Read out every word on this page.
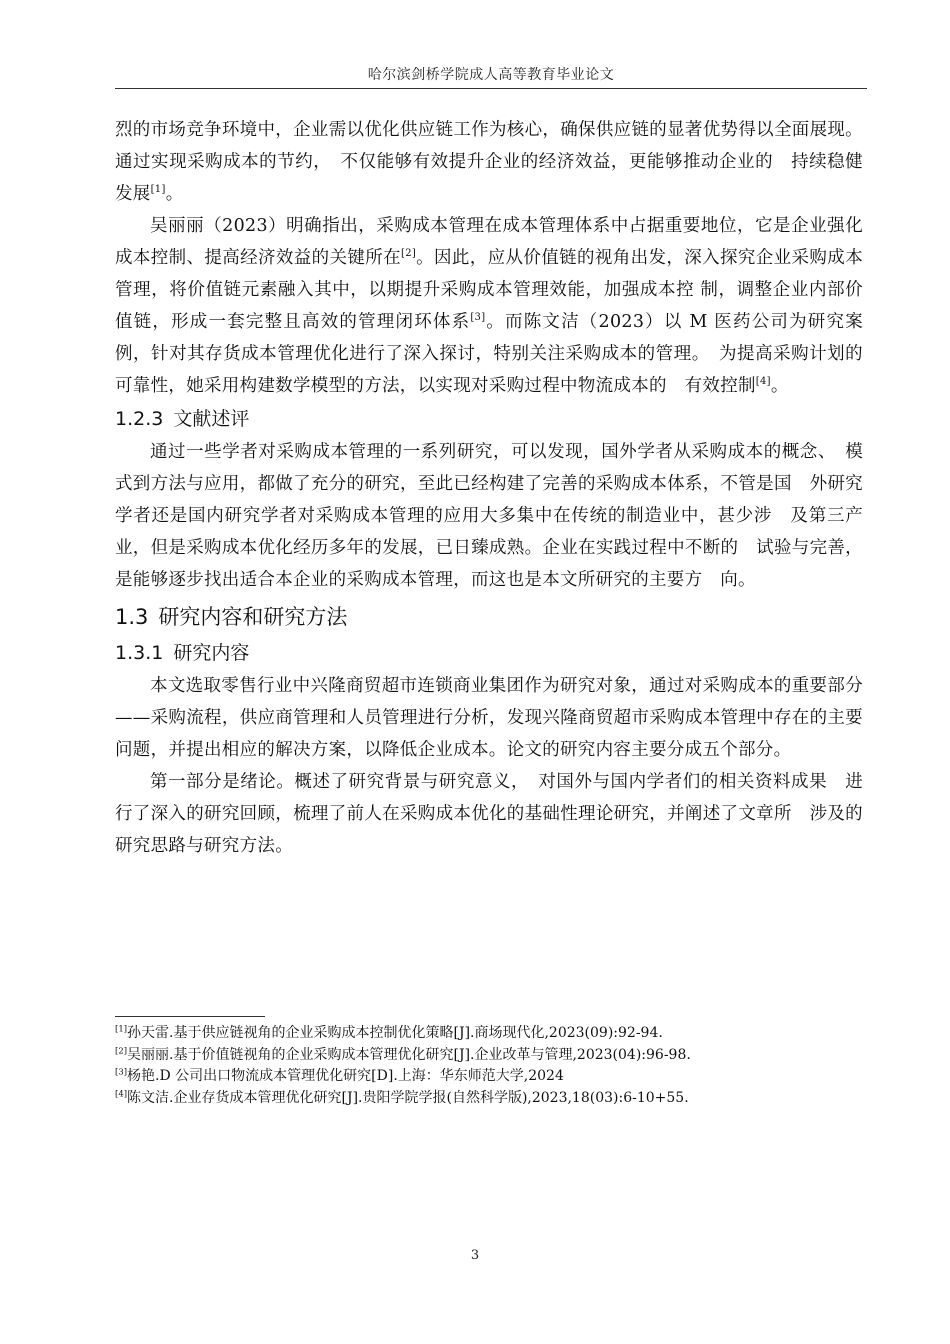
哈尔滨剑桥学院成人高等教育毕业论文

烈的市场竞争环境中，企业需以优化供应链工作为核心，确保供应链的显著优势得以全面展现。通过实现采购成本的节约，　不仅能够有效提升企业的经济效益，更能够推动企业的　持续稳健发展[1]。

吴丽丽（2023）明确指出，采购成本管理在成本管理体系中占据重要地位，它是企业强化成本控制、提高经济效益的关键所在[2]。因此，应从价值链的视角出发，深入探究企业采购成本管理，将价值链元素融入其中，以期提升采购成本管理效能，加强成本控 制，调整企业内部价值链，形成一套完整且高效的管理闭环体系[3]。而陈文洁（2023）以 M 医药公司为研究案例，针对其存货成本管理优化进行了深入探讨，特别关注采购成本的管理。　为提高采购计划的可靠性，她采用构建数学模型的方法，以实现对采购过程中物流成本的　有效控制[4]。

1.2.3 文献述评

通过一些学者对采购成本管理的一系列研究，可以发现，国外学者从采购成本的概念、　模式到方法与应用，都做了充分的研究，至此已经构建了完善的采购成本体系，不管是国　外研究学者还是国内研究学者对采购成本管理的应用大多集中在传统的制造业中，甚少涉　及第三产业，但是采购成本优化经历多年的发展，已日臻成熟。企业在实践过程中不断的　试验与完善，是能够逐步找出适合本企业的采购成本管理，而这也是本文所研究的主要方　向。

1.3 研究内容和研究方法
1.3.1 研究内容

本文选取零售行业中兴隆商贸超市连锁商业集团作为研究对象，通过对采购成本的重要部分——采购流程，供应商管理和人员管理进行分析，发现兴隆商贸超市采购成本管理中存在的主要问题，并提出相应的解决方案，以降低企业成本。论文的研究内容主要分成五个部分。

第一部分是绪论。概述了研究背景与研究意义，　对国外与国内学者们的相关资料成果　进行了深入的研究回顾，梳理了前人在采购成本优化的基础性理论研究，并阐述了文章所　涉及的研究思路与研究方法。

[1]孙天雷.基于供应链视角的企业采购成本控制优化策略[J].商场现代化,2023(09):92-94.
[2]吴丽丽.基于价值链视角的企业采购成本管理优化研究[J].企业改革与管理,2023(04):96-98.
[3]杨艳.D 公司出口物流成本管理优化研究[D].上海：华东师范大学,2024
[4]陈文洁.企业存货成本管理优化研究[J].贵阳学院学报(自然科学版),2023,18(03):6-10+55.
3
